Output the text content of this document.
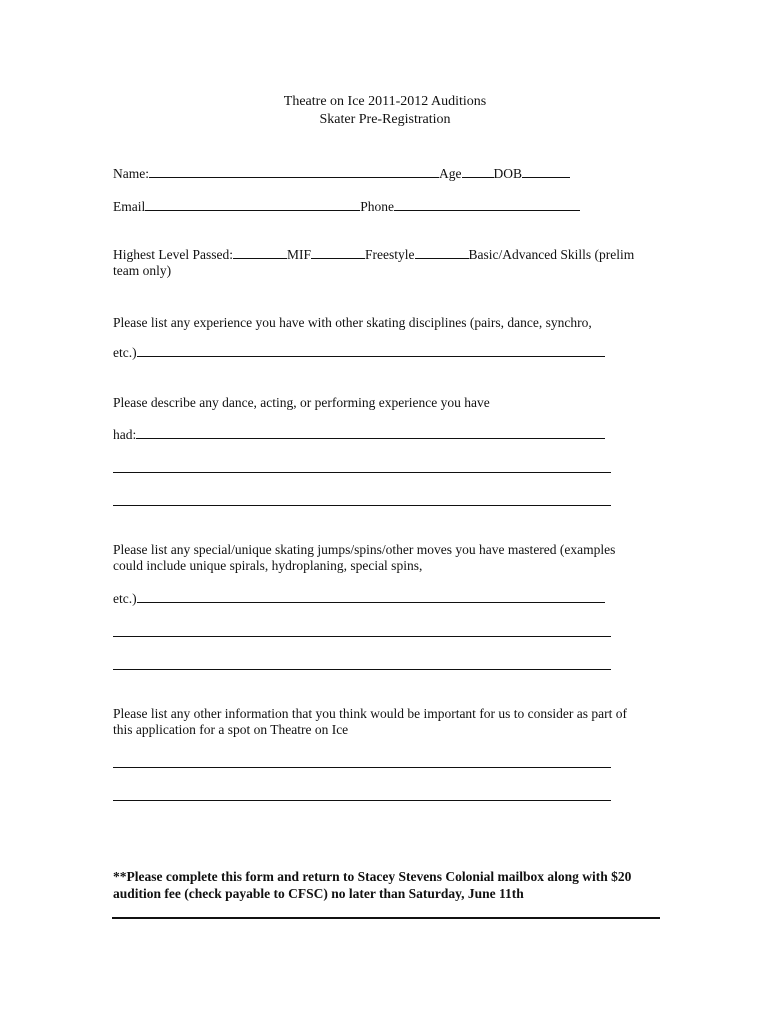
Theatre on Ice 2011-2012 Auditions
Skater Pre-Registration
Name:	Age DOB
Email	Phone
Highest Level Passed:	MIF	Freestyle	Basic/Advanced Skills (prelim
team only)
Please list any experience you have with other skating disciplines (pairs, dance, synchro,
etc.)
Please describe any dance, acting, or performing experience you have
had:
Please list any special/unique skating jumps/spins/other moves you have mastered (examples
could include unique spirals, hydroplaning, special spins,
etc.)
Please list any other information that you think would be important for us to consider as part of
this application for a spot on Theatre on Ice
**Please complete this form and return to Stacey Stevens Colonial mailbox along with $20
audition fee (check payable to CFSC) no later than Saturday, June 11th
